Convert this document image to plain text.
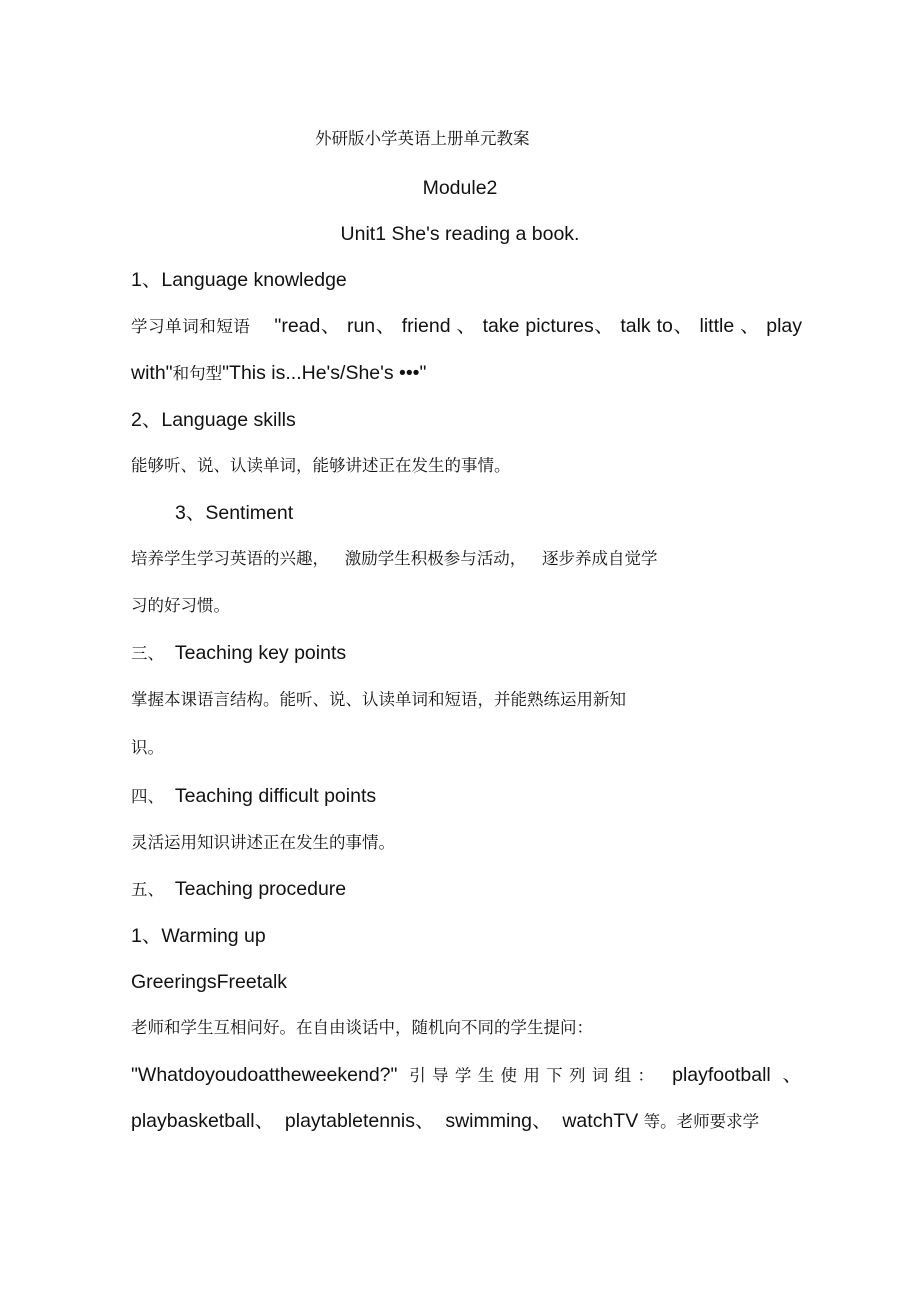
外研版小学英语上册单元教案

Module2

Unit1 She's reading a book.

1、Language knowledge

学习单词和短语 "read、 run、 friend 、 take pictures、 talk to、 little 、 play

with"和句型"This is...He's/She's •••"

2、Language skills

能够听、说、认读单词，能够讲述正在发生的事情。

3、Sentiment

培养学生学习英语的兴趣，   激励学生积极参与活动，   逐步养成自觉学

习的好习惯。

三、 Teaching key points

掌握本课语言结构。能听、说、认读单词和短语，并能熟练运用新知

识。

四、 Teaching difficult points

灵活运用知识讲述正在发生的事情。

五、 Teaching procedure

1、Warming up

GreeringsFreetalk

老师和学生互相问好。在自由谈话中，随机向不同的学生提问：

"Whatdoyoudoattheweekend?" 引导学生使用下列词组： playfootball 、

playbasketball、  playtabletennis、  swimming、  watchTV 等。老师要求学
